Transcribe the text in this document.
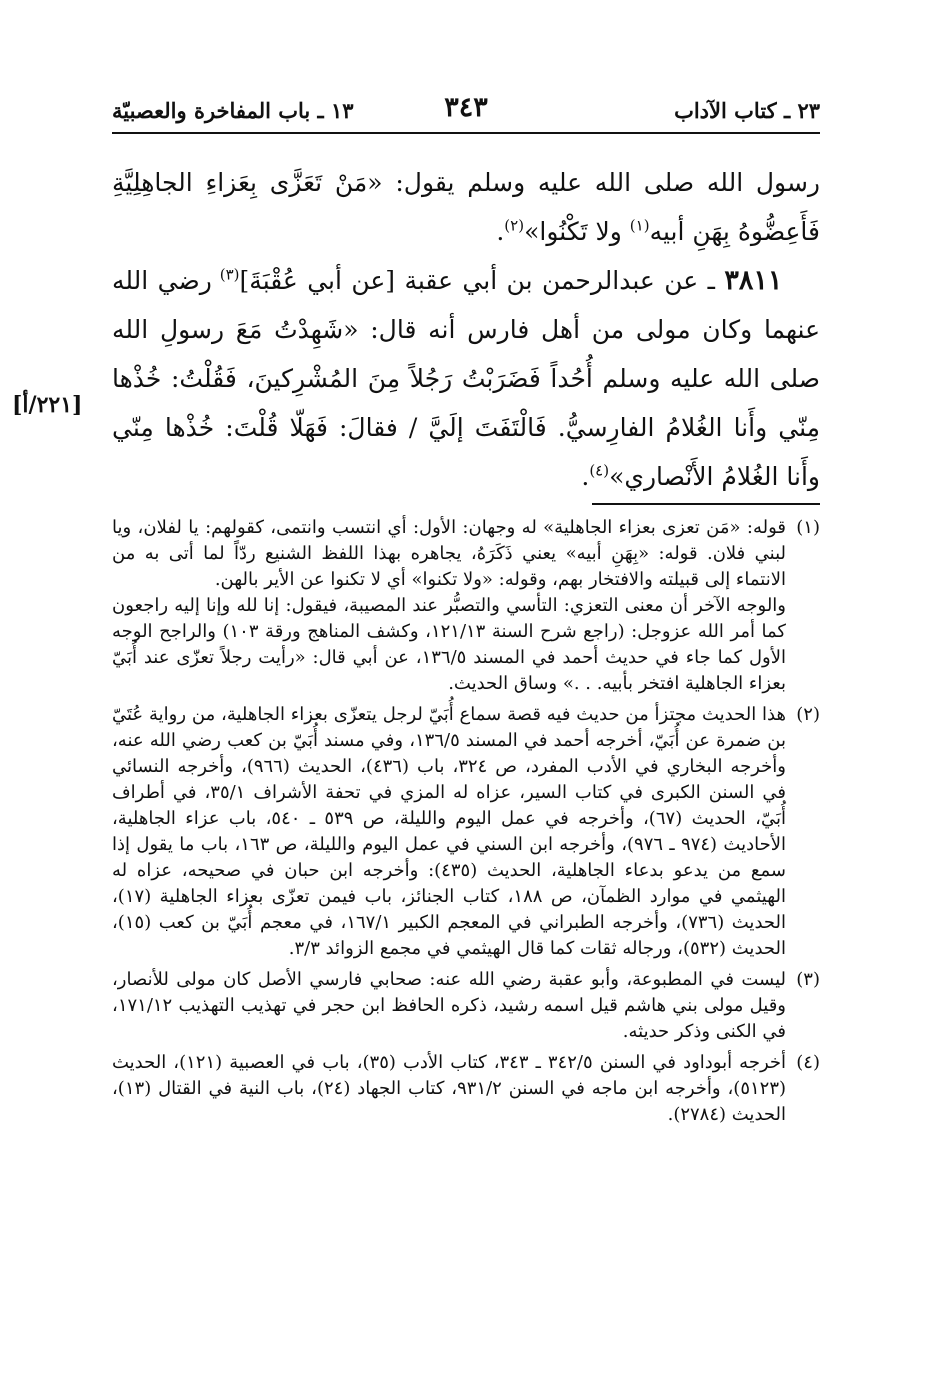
٢٣ ـ كتاب الآداب
٣٤٣
١٣ ـ باب المفاخرة والعصبيّة

رسول الله صلى الله عليه وسلم يقول: «مَنْ تَعَزَّى بِعَزاءِ الجاهِلِيَّةِ فَأَعِضُّوهُ بِهَنِ أبيه$^{(١)}$ ولا تَكْنُوا»$^{(٢)}$.

٣٨١١ ـ عن عبدالرحمن بن أبي عقبة [عن أبي عُقْبَةَ]$^{(٣)}$ رضي الله عنهما وكان مولى من أهل فارس أنه قال: «شَهِدْتُ مَعَ رسولِ الله صلى الله عليه وسلم أُحُداً فَضَرَبْتُ رَجُلاً مِنَ المُشْرِكينَ، فَقُلْتُ: خُذْها مِنّي وأَنا الغُلامُ الفارِسيُّ. فَالْتَفَتَ إلَيَّ / فقالَ: فَهَلّا قُلْتَ: خُذْها مِنّي وأَنا الغُلامُ الأَنْصاري»$^{(٤)}$.

[٢٢١/أ]
(١)

قوله: «مَن تعزى بعزاء الجاهلية» له وجهان: الأول: أي انتسب وانتمى، كقولهم: يا لفلان، ويا لبني فلان. قوله: «بِهَنِ أبيه» يعني ذَكَرَهُ، يجاهره بهذا اللفظ الشنيع ردّاً لما أتى به من الانتماء إلى قبيلته والافتخار بهم، وقوله: «ولا تكنوا» أي لا تكنوا عن الأير بالهن.

والوجه الآخر أن معنى التعزي: التأسي والتصبُّر عند المصيبة، فيقول: إنا لله وإنا إليه راجعون كما أمر الله عزوجل: (راجع شرح السنة ١٢١/١٣، وكشف المناهج ورقة ١٠٣) والراجح الوجه الأول كما جاء في حديث أحمد في المسند ١٣٦/٥، عن أبي قال: «رأيت رجلاً تعزّى عند أُبَيّ بعزاء الجاهلية افتخر بأبيه. . .» وساق الحديث.

(٢)

هذا الحديث مجتزأ من حديث فيه قصة سماع أُبَيّ لرجل يتعزّى بعزاء الجاهلية، من رواية عُتَيّ بن ضمرة عن أُبَيّ، أخرجه أحمد في المسند ١٣٦/٥، وفي مسند أُبَيّ بن كعب رضي الله عنه، وأخرجه البخاري في الأدب المفرد، ص ٣٢٤، باب (٤٣٦)، الحديث (٩٦٦)، وأخرجه النسائي في السنن الكبرى في كتاب السير، عزاه له المزي في تحفة الأشراف ٣٥/١، في أطراف أُبَيّ، الحديث (٦٧)، وأخرجه في عمل اليوم والليلة، ص ٥٣٩ ـ ٥٤٠، باب عزاء الجاهلية، الأحاديث (٩٧٤ ـ ٩٧٦)، وأخرجه ابن السني في عمل اليوم والليلة، ص ١٦٣، باب ما يقول إذا سمع من يدعو بدعاء الجاهلية، الحديث (٤٣٥): وأخرجه ابن حبان في صحيحه، عزاه له الهيثمي في موارد الظمآن، ص ١٨٨، كتاب الجنائز، باب فيمن تعزّى بعزاء الجاهلية (١٧)، الحديث (٧٣٦)، وأخرجه الطبراني في المعجم الكبير ١٦٧/١، في معجم أُبَيّ بن كعب (١٥)، الحديث (٥٣٢)، ورجاله ثقات كما قال الهيثمي في مجمع الزوائد ٣/٣.

(٣)

ليست في المطبوعة، وأبو عقبة رضي الله عنه: صحابي فارسي الأصل كان مولى للأنصار، وقيل مولى بني هاشم قيل اسمه رشيد، ذكره الحافظ ابن حجر في تهذيب التهذيب ١٧١/١٢، في الكنى وذكر حديثه.

(٤)

أخرجه أبوداود في السنن ٣٤٢/٥ ـ ٣٤٣، كتاب الأدب (٣٥)، باب في العصبية (١٢١)، الحديث (٥١٢٣)، وأخرجه ابن ماجه في السنن ٩٣١/٢، كتاب الجهاد (٢٤)، باب النية في القتال (١٣)، الحديث (٢٧٨٤).
